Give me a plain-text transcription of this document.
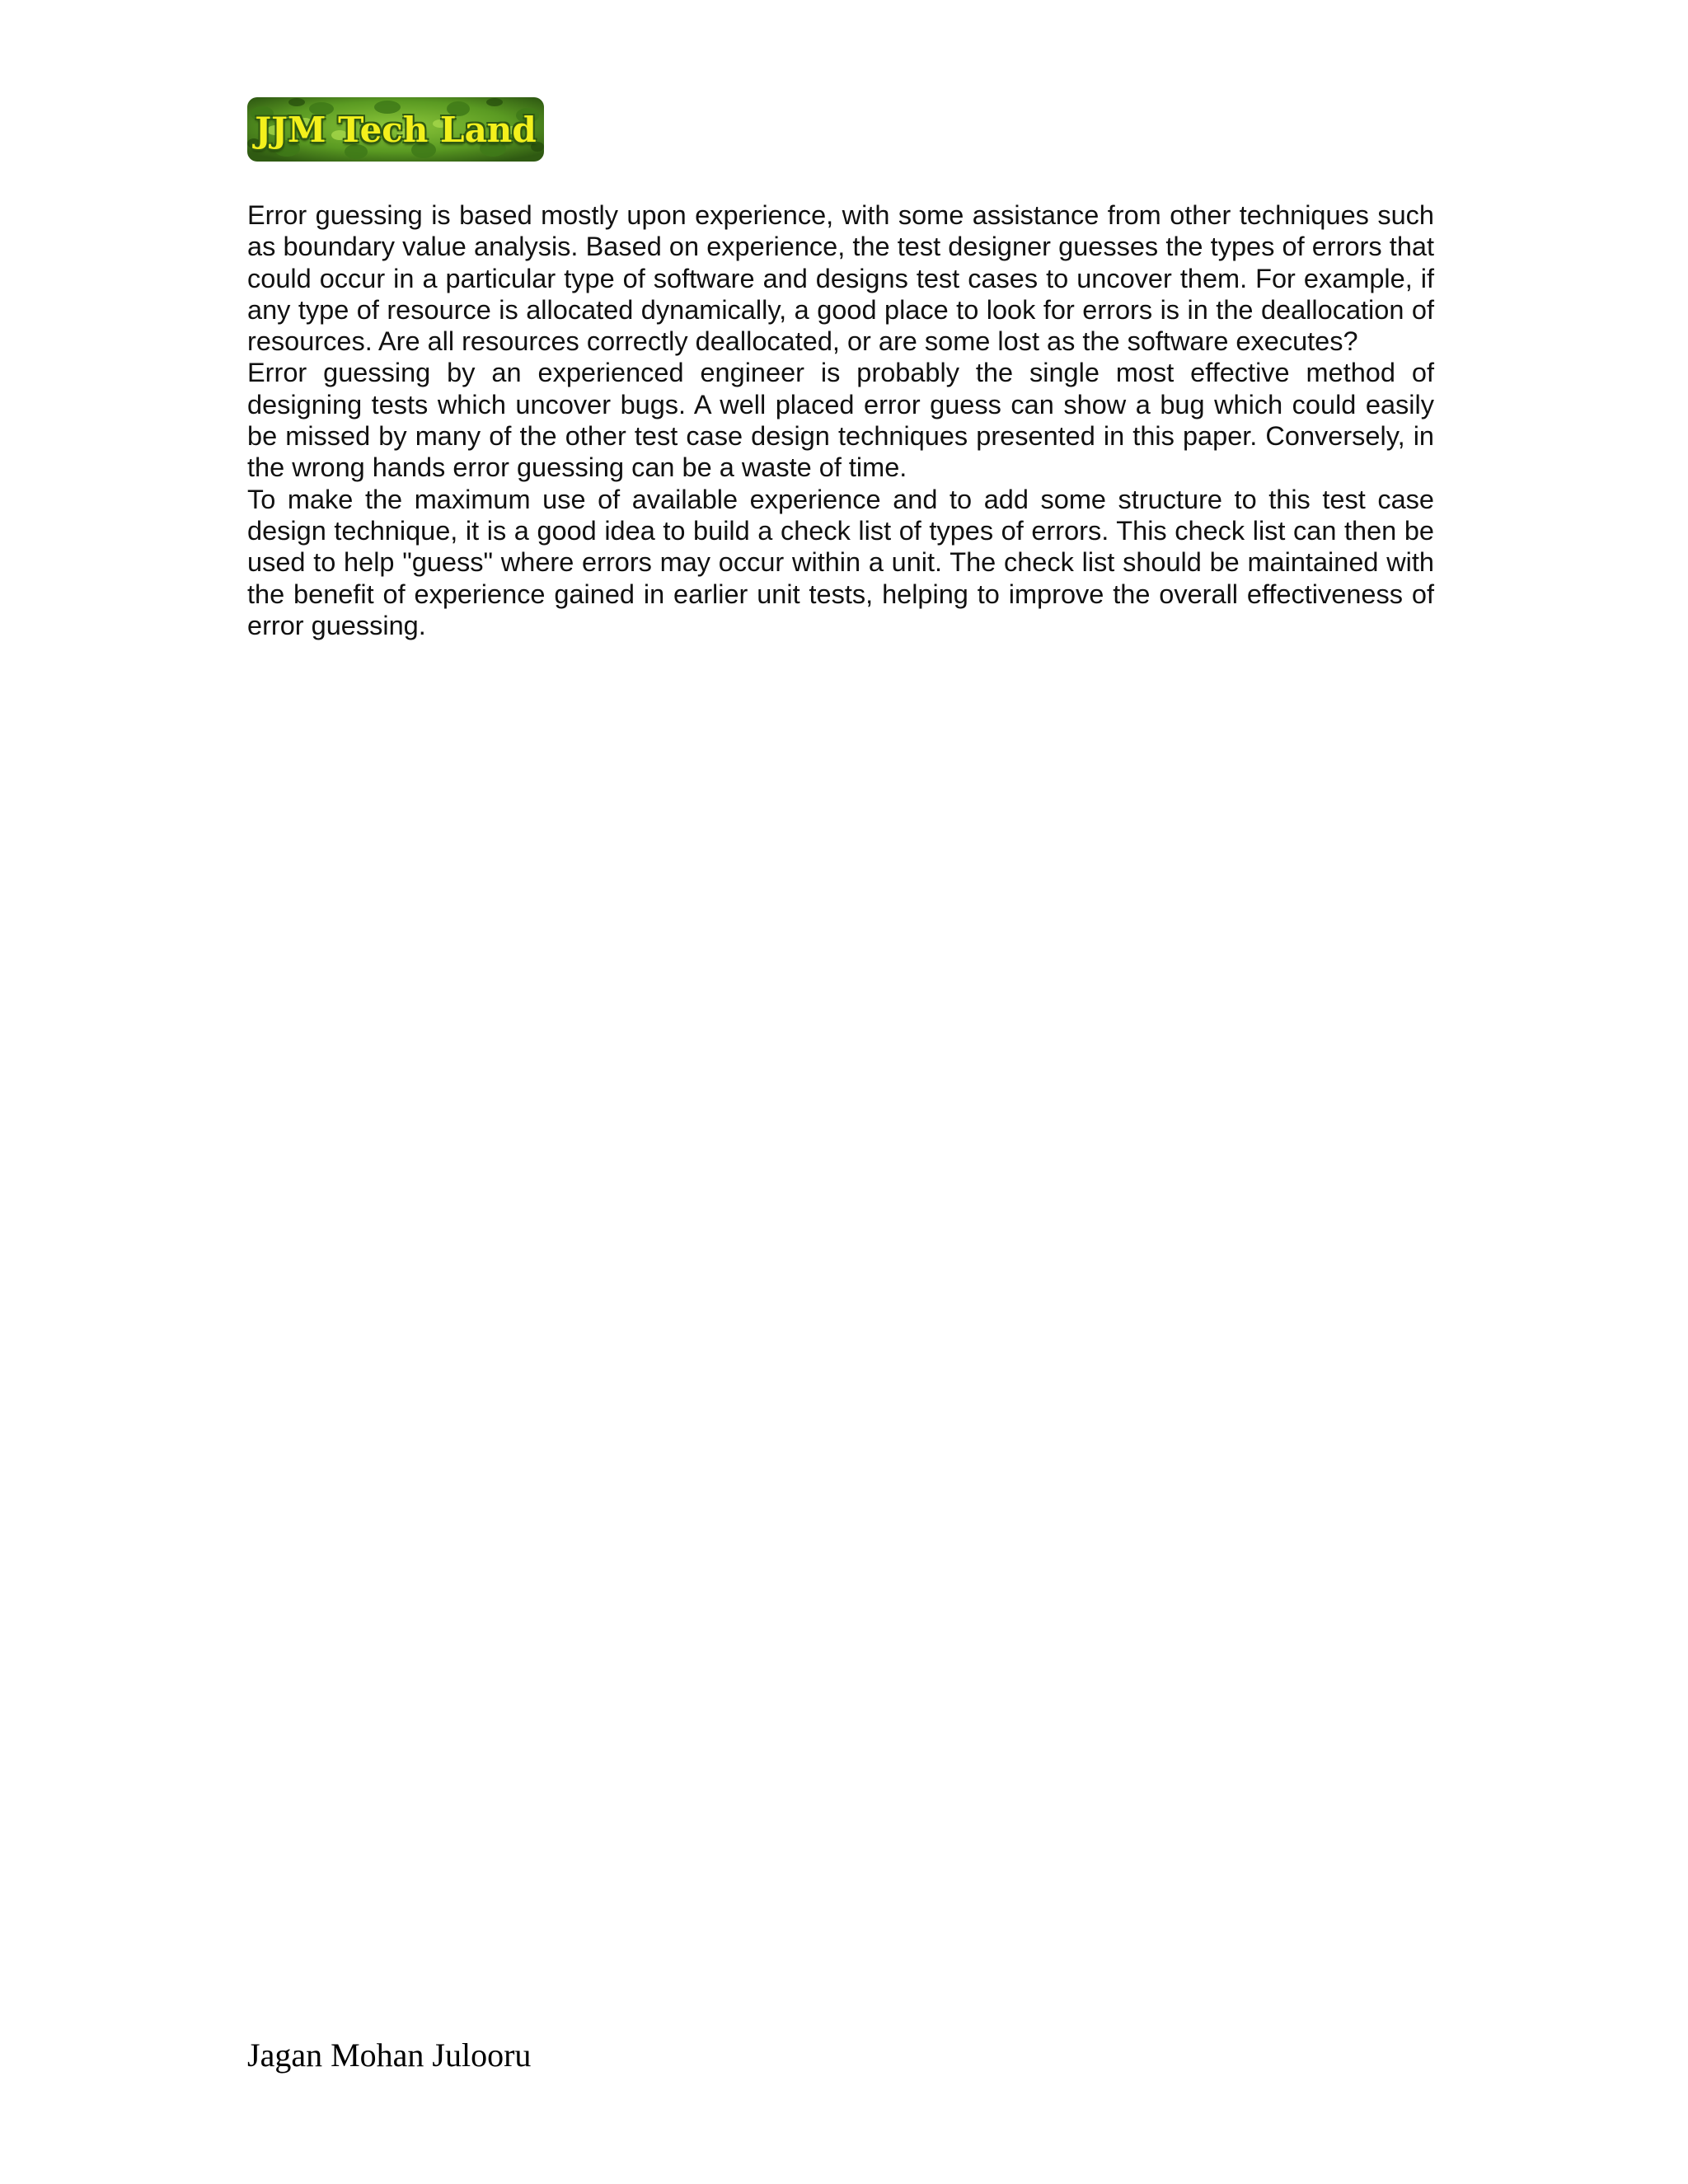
JJM Tech Land

Error guessing is based mostly upon experience, with some assistance from other techniques such as boundary value analysis. Based on experience, the test designer guesses the types of errors that could occur in a particular type of software and designs test cases to uncover them. For example, if any type of resource is allocated dynamically, a good place to look for errors is in the deallocation of resources. Are all resources correctly deallocated, or are some lost as the software executes?

Error guessing by an experienced engineer is probably the single most effective method of designing tests which uncover bugs. A well placed error guess can show a bug which could easily be missed by many of the other test case design techniques presented in this paper. Conversely, in the wrong hands error guessing can be a waste of time.

To make the maximum use of available experience and to add some structure to this test case design technique, it is a good idea to build a check list of types of errors. This check list can then be used to help "guess" where errors may occur within a unit. The check list should be maintained with the benefit of experience gained in earlier unit tests, helping to improve the overall effectiveness of error guessing.

Jagan Mohan Julooru
